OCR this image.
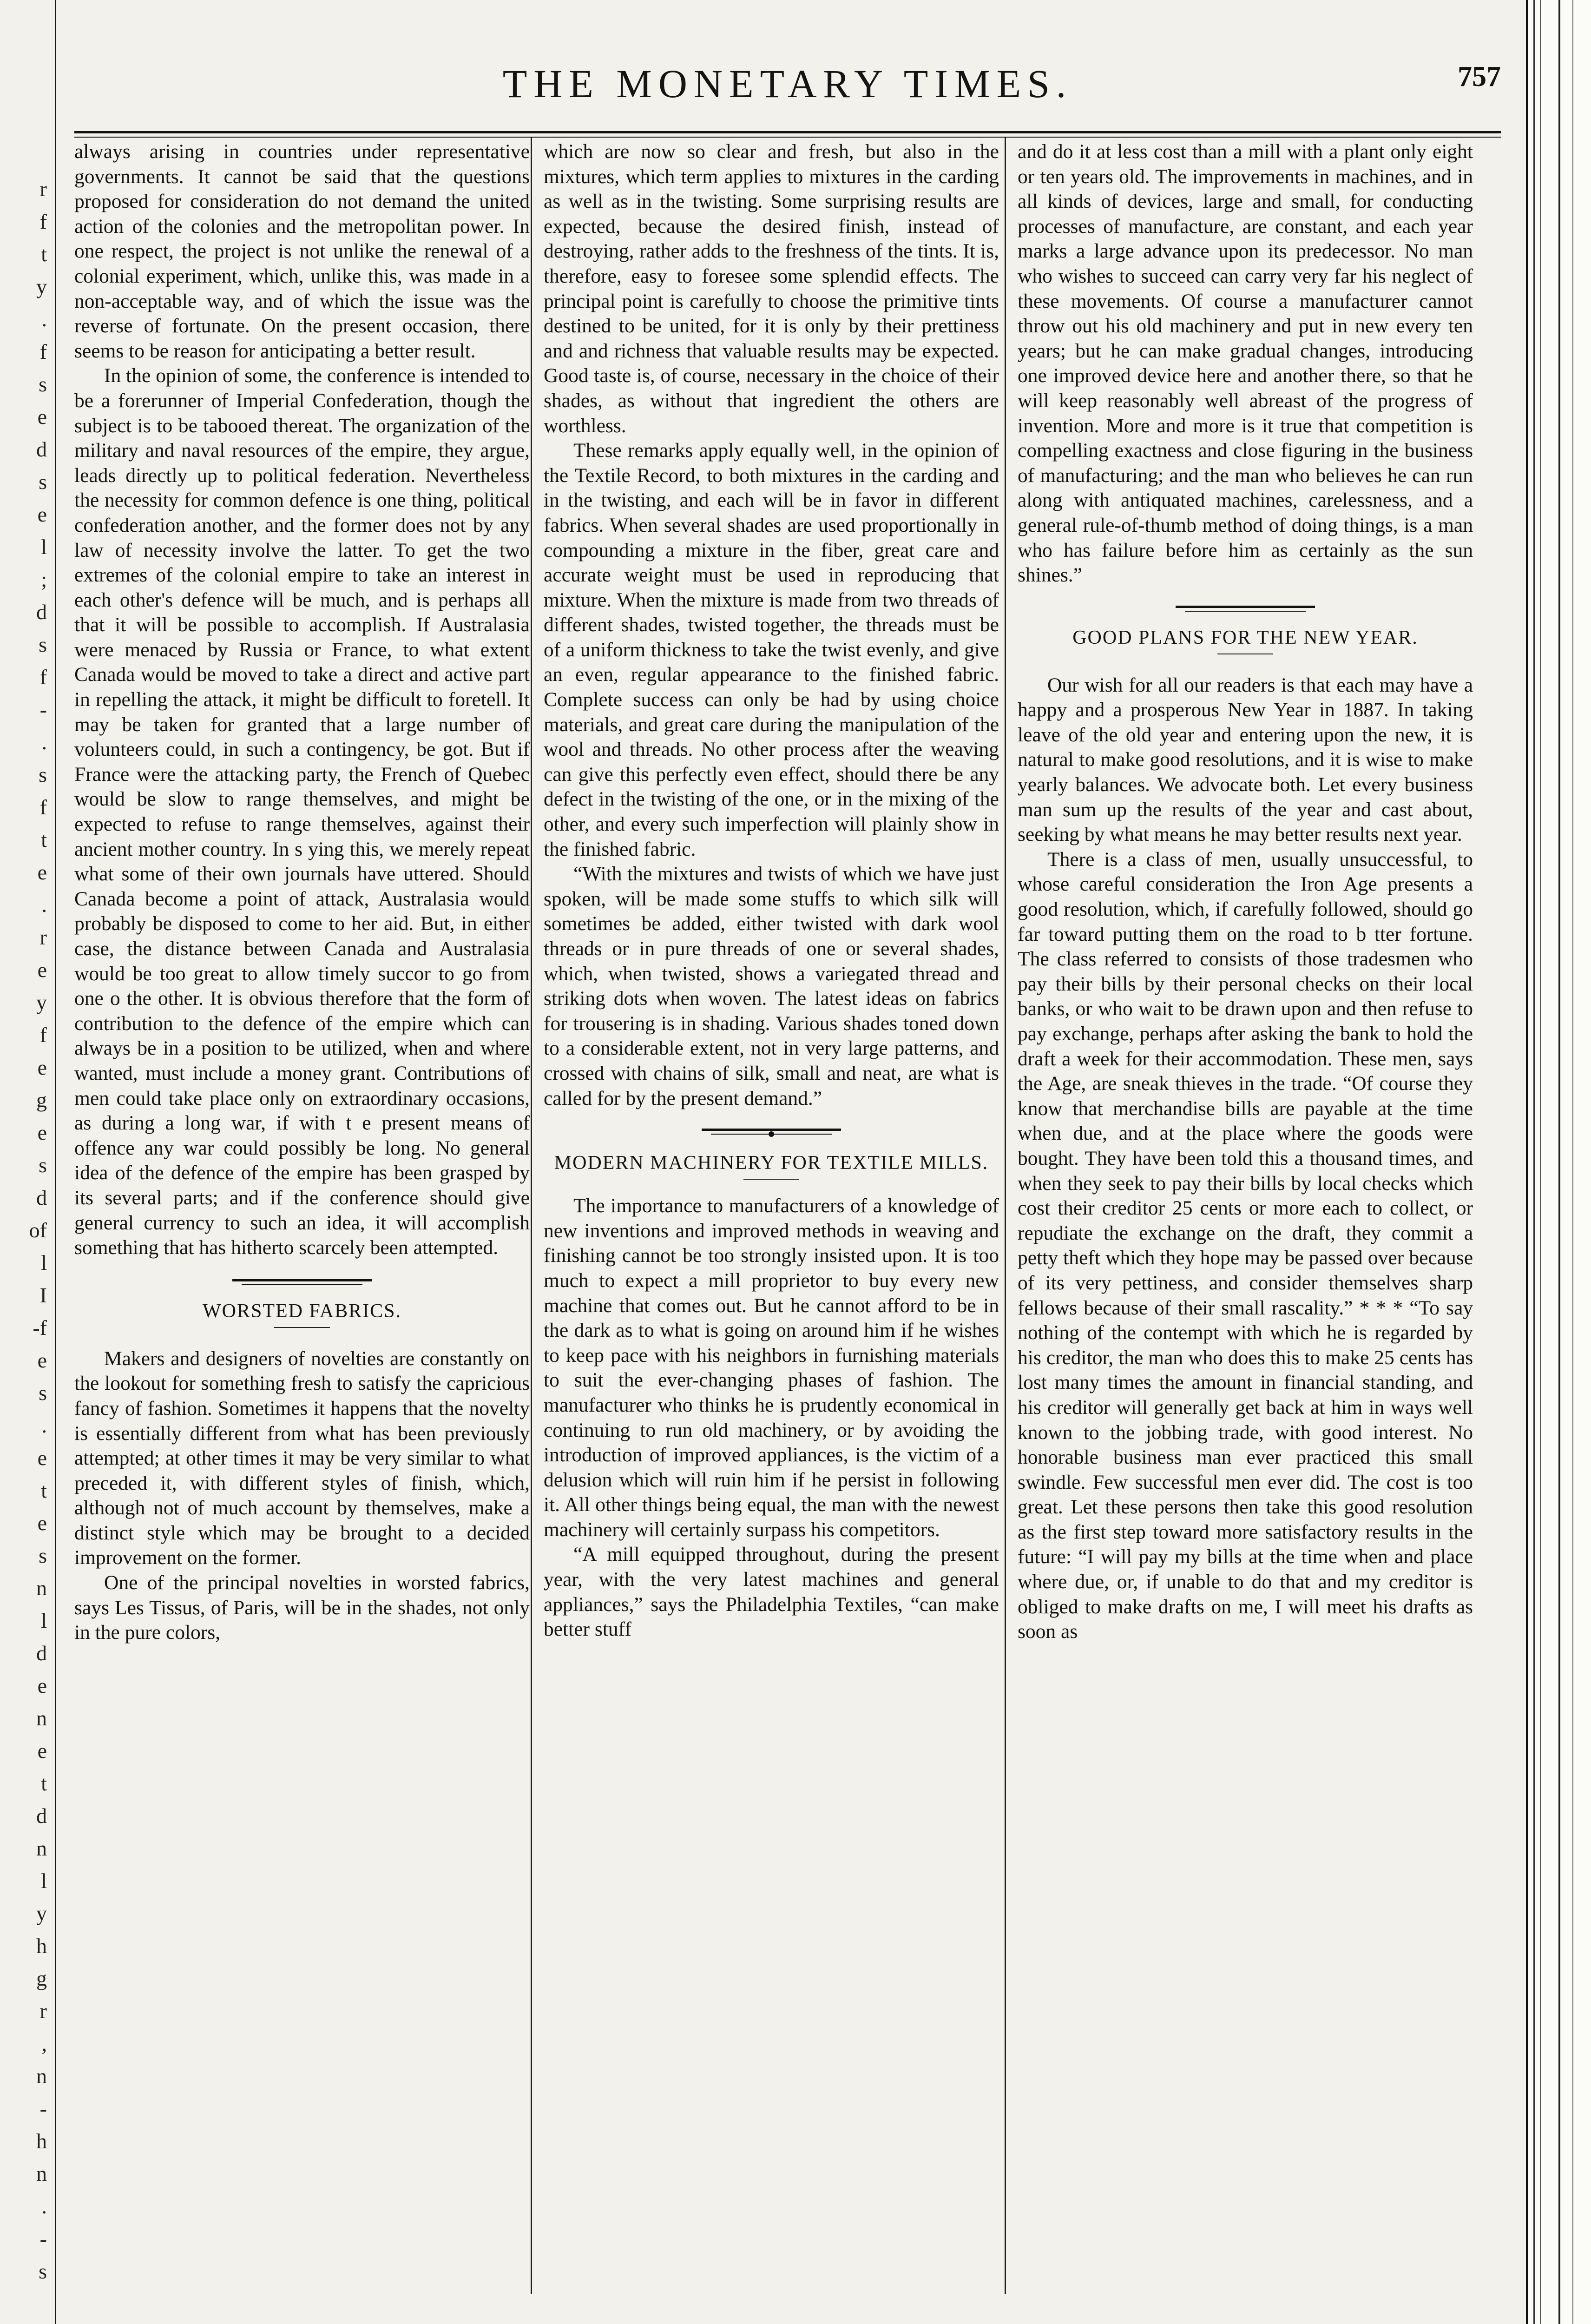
r
f
t
y
.
f
s
e
d
s
e
l
;
d
s
f
-
.
s
f
t
e
.
r
e
y
f
e
g
e
s
d
of
l
I
-f
e
s
.
e
t
e
s
n
l
d
e
n
e
t
d
n
l
y
h
g
r
,
n
-
h
n
.
-
s
THE MONETARY TIMES.	757

always arising in countries under representative governments. It cannot be said that the questions proposed for consideration do not demand the united action of the colonies and the metropolitan power. In one respect, the project is not unlike the renewal of a colonial experiment, which, unlike this, was made in a non-acceptable way, and of which the issue was the reverse of fortunate. On the present occasion, there seems to be reason for anticipating a better result.

In the opinion of some, the conference is intended to be a forerunner of Imperial Confederation, though the subject is to be tabooed thereat. The organization of the military and naval resources of the empire, they argue, leads directly up to political federation. Nevertheless the necessity for common defence is one thing, political confederation another, and the former does not by any law of necessity involve the latter. To get the two extremes of the colonial empire to take an interest in each other's defence will be much, and is perhaps all that it will be possible to accomplish. If Australasia were menaced by Russia or France, to what extent Canada would be moved to take a direct and active part in repelling the attack, it might be difficult to foretell. It may be taken for granted that a large number of volunteers could, in such a contingency, be got. But if France were the attacking party, the French of Quebec would be slow to range themselves, and might be expected to refuse to range themselves, against their ancient mother country. In s ying this, we merely repeat what some of their own journals have uttered. Should Canada become a point of attack, Australasia would probably be disposed to come to her aid. But, in either case, the distance between Canada and Australasia would be too great to allow timely succor to go from one o the other. It is obvious therefore that the form of contribution to the defence of the empire which can always be in a position to be utilized, when and where wanted, must include a money grant. Contributions of men could take place only on extraordinary occasions, as during a long war, if with t e present means of offence any war could possibly be long. No general idea of the defence of the empire has been grasped by its several parts; and if the conference should give general currency to such an idea, it will accomplish something that has hitherto scarcely been attempted.

WORSTED FABRICS.

Makers and designers of novelties are constantly on the lookout for something fresh to satisfy the capricious fancy of fashion. Sometimes it happens that the novelty is essentially different from what has been previously attempted; at other times it may be very similar to what preceded it, with different styles of finish, which, although not of much account by themselves, make a distinct style which may be brought to a decided improvement on the former.

One of the principal novelties in worsted fabrics, says Les Tissus, of Paris, will be in the shades, not only in the pure colors,

which are now so clear and fresh, but also in the mixtures, which term applies to mixtures in the carding as well as in the twisting. Some surprising results are expected, because the desired finish, instead of destroying, rather adds to the freshness of the tints. It is, therefore, easy to foresee some splendid effects. The principal point is carefully to choose the primitive tints destined to be united, for it is only by their prettiness and and richness that valuable results may be expected. Good taste is, of course, necessary in the choice of their shades, as without that ingredient the others are worthless.

These remarks apply equally well, in the opinion of the Textile Record, to both mixtures in the carding and in the twisting, and each will be in favor in different fabrics. When several shades are used proportionally in compounding a mixture in the fiber, great care and accurate weight must be used in reproducing that mixture. When the mixture is made from two threads of different shades, twisted together, the threads must be of a uniform thickness to take the twist evenly, and give an even, regular appearance to the finished fabric. Complete success can only be had by using choice materials, and great care during the manipulation of the wool and threads. No other process after the weaving can give this perfectly even effect, should there be any defect in the twisting of the one, or in the mixing of the other, and every such imperfection will plainly show in the finished fabric.

“With the mixtures and twists of which we have just spoken, will be made some stuffs to which silk will sometimes be added, either twisted with dark wool threads or in pure threads of one or several shades, which, when twisted, shows a variegated thread and striking dots when woven. The latest ideas on fabrics for trousering is in shading. Various shades toned down to a considerable extent, not in very large patterns, and crossed with chains of silk, small and neat, are what is called for by the present demand.”

MODERN MACHINERY FOR TEXTILE MILLS.

The importance to manufacturers of a knowledge of new inventions and improved methods in weaving and finishing cannot be too strongly insisted upon. It is too much to expect a mill proprietor to buy every new machine that comes out. But he cannot afford to be in the dark as to what is going on around him if he wishes to keep pace with his neighbors in furnishing materials to suit the ever-changing phases of fashion. The manufacturer who thinks he is prudently economical in continuing to run old machinery, or by avoiding the introduction of improved appliances, is the victim of a delusion which will ruin him if he persist in following it. All other things being equal, the man with the newest machinery will certainly surpass his competitors.

“A mill equipped throughout, during the present year, with the very latest machines and general appliances,” says the Philadelphia Textiles, “can make better stuff

and do it at less cost than a mill with a plant only eight or ten years old. The improvements in machines, and in all kinds of devices, large and small, for conducting processes of manufacture, are constant, and each year marks a large advance upon its predecessor. No man who wishes to succeed can carry very far his neglect of these movements. Of course a manufacturer cannot throw out his old machinery and put in new every ten years; but he can make gradual changes, introducing one improved device here and another there, so that he will keep reasonably well abreast of the progress of invention. More and more is it true that competition is compelling exactness and close figuring in the business of manufacturing; and the man who believes he can run along with antiquated machines, carelessness, and a general rule-of-thumb method of doing things, is a man who has failure before him as certainly as the sun shines.”

GOOD PLANS FOR THE NEW YEAR.

Our wish for all our readers is that each may have a happy and a prosperous New Year in 1887. In taking leave of the old year and entering upon the new, it is natural to make good resolutions, and it is wise to make yearly balances. We advocate both. Let every business man sum up the results of the year and cast about, seeking by what means he may better results next year.

There is a class of men, usually unsuccessful, to whose careful consideration the Iron Age presents a good resolution, which, if carefully followed, should go far toward putting them on the road to b tter fortune. The class referred to consists of those tradesmen who pay their bills by their personal checks on their local banks, or who wait to be drawn upon and then refuse to pay exchange, perhaps after asking the bank to hold the draft a week for their accommodation. These men, says the Age, are sneak thieves in the trade. “Of course they know that merchandise bills are payable at the time when due, and at the place where the goods were bought. They have been told this a thousand times, and when they seek to pay their bills by local checks which cost their creditor 25 cents or more each to collect, or repudiate the exchange on the draft, they commit a petty theft which they hope may be passed over because of its very pettiness, and consider themselves sharp fellows because of their small rascality.” * * * “To say nothing of the contempt with which he is regarded by his creditor, the man who does this to make 25 cents has lost many times the amount in financial standing, and his creditor will generally get back at him in ways well known to the jobbing trade, with good interest. No honorable business man ever practiced this small swindle. Few successful men ever did. The cost is too great. Let these persons then take this good resolution as the first step toward more satisfactory results in the future: “I will pay my bills at the time when and place where due, or, if unable to do that and my creditor is obliged to make drafts on me, I will meet his drafts as soon as
